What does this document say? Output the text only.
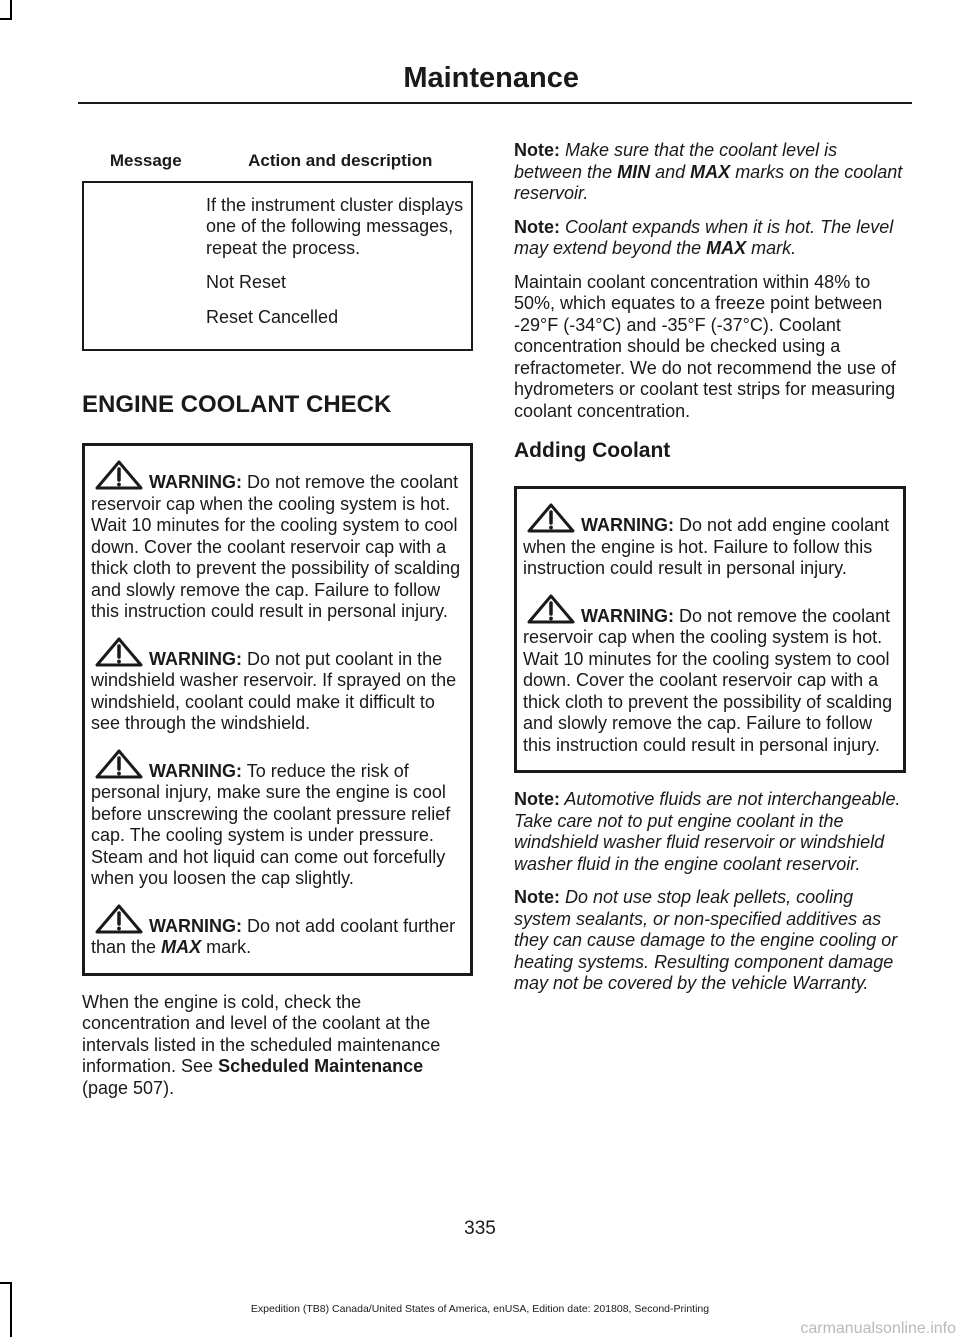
Maintenance
Message	Action and description

If the instrument cluster displays one of the following messages, repeat the process.

Not Reset

Reset Cancelled

ENGINE COOLANT CHECK
WARNING: Do not remove the coolant reservoir cap when the cooling system is hot. Wait 10 minutes for the cooling system to cool down. Cover the coolant reservoir cap with a thick cloth to prevent the possibility of scalding and slowly remove the cap. Failure to follow this instruction could result in personal injury.
WARNING: Do not put coolant in the windshield washer reservoir. If sprayed on the windshield, coolant could make it difficult to see through the windshield.
WARNING: To reduce the risk of personal injury, make sure the engine is cool before unscrewing the coolant pressure relief cap. The cooling system is under pressure. Steam and hot liquid can come out forcefully when you loosen the cap slightly.
WARNING: Do not add coolant further than the MAX mark.

When the engine is cold, check the concentration and level of the coolant at the intervals listed in the scheduled maintenance information. See Scheduled Maintenance (page 507).

Note: Make sure that the coolant level is between the MIN and MAX marks on the coolant reservoir.

Note: Coolant expands when it is hot. The level may extend beyond the MAX mark.

Maintain coolant concentration within 48% to 50%, which equates to a freeze point between -29°F (-34°C) and -35°F (-37°C). Coolant concentration should be checked using a refractometer. We do not recommend the use of hydrometers or coolant test strips for measuring coolant concentration.

Adding Coolant
WARNING: Do not add engine coolant when the engine is hot. Failure to follow this instruction could result in personal injury.
WARNING: Do not remove the coolant reservoir cap when the cooling system is hot. Wait 10 minutes for the cooling system to cool down. Cover the coolant reservoir cap with a thick cloth to prevent the possibility of scalding and slowly remove the cap. Failure to follow this instruction could result in personal injury.

Note: Automotive fluids are not interchangeable. Take care not to put engine coolant in the windshield washer fluid reservoir or windshield washer fluid in the engine coolant reservoir.

Note: Do not use stop leak pellets, cooling system sealants, or non-specified additives as they can cause damage to the engine cooling or heating systems. Resulting component damage may not be covered by the vehicle Warranty.

335
Expedition (TB8) Canada/United States of America, enUSA, Edition date: 201808, Second-Printing
carmanualsonline.info
